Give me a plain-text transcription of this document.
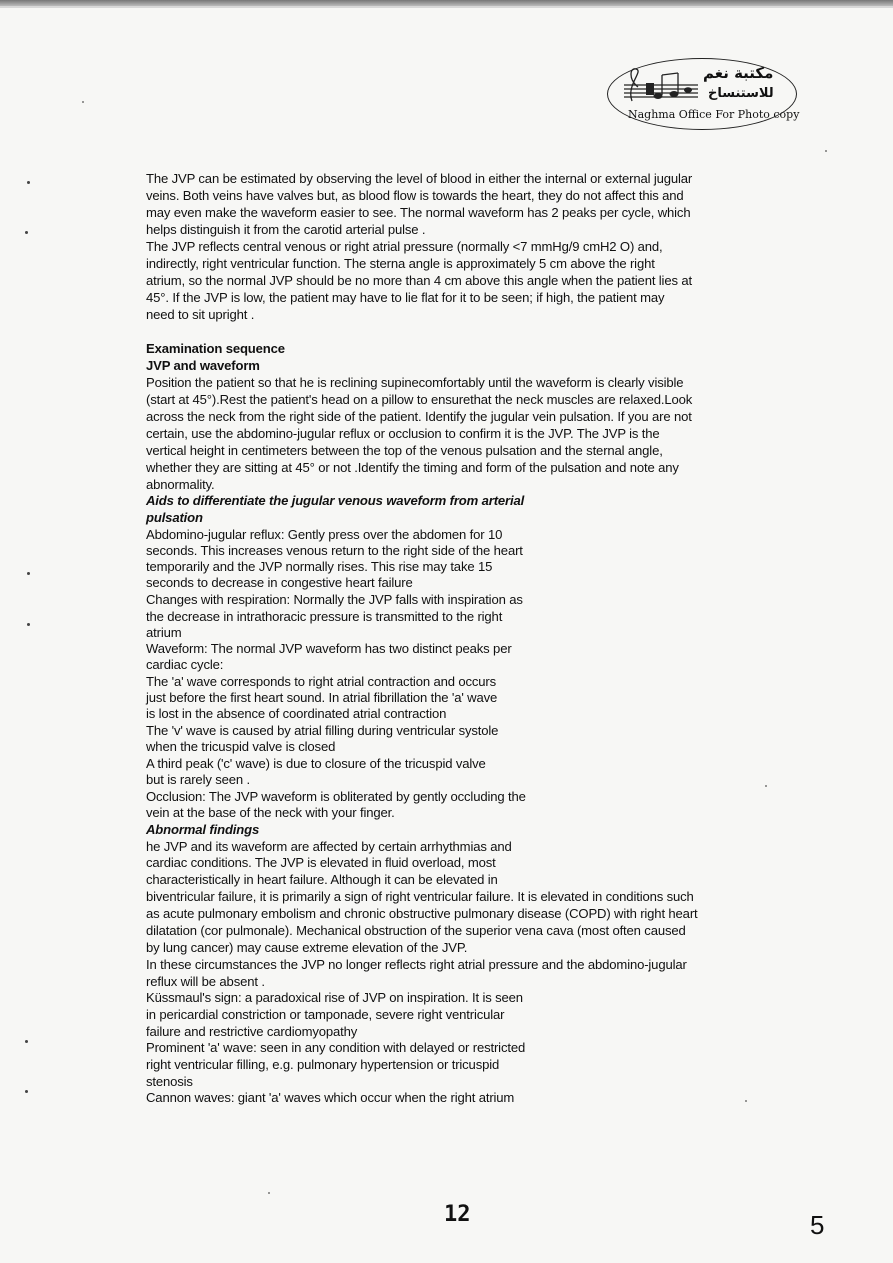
مكتبة نغم
للاستنساخ
Naghma Office For Photo copy
The JVP can be estimated by observing the level of blood in either the internal or external jugular
veins. Both veins have valves but, as blood flow is towards the heart, they do not affect this and
may even make the waveform easier to see. The normal waveform has 2 peaks per cycle, which
helps distinguish it from the carotid arterial pulse .
The JVP reflects central venous or right atrial pressure (normally <7 mmHg/9 cmH2 O) and,
indirectly, right ventricular function. The sterna angle is approximately 5 cm above the right
atrium, so the normal JVP should be no more than 4 cm above this angle when the patient lies at
45°. If the JVP is low, the patient may have to lie flat for it to be seen; if high, the patient may
need to sit upright .
Examination sequence
JVP and waveform
Position the patient so that he is reclining supinecomfortably until the waveform is clearly visible
(start at 45°).Rest the patient's head on a pillow to ensurethat the neck muscles are relaxed.Look
across the neck from the right side of the patient. Identify the jugular vein pulsation. If you are not
certain, use the abdomino-jugular reflux or occlusion to confirm it is the JVP. The JVP is the
vertical height in centimeters between the top of the venous pulsation and the sternal angle,
whether they are sitting at 45° or not .Identify the timing and form of the pulsation and note any
abnormality.
Aids to differentiate the jugular venous waveform from arterial
pulsation
Abdomino-jugular reflux: Gently press over the abdomen for 10
seconds. This increases venous return to the right side of the heart
temporarily and the JVP normally rises. This rise may take 15
seconds to decrease in congestive heart failure
Changes with respiration: Normally the JVP falls with inspiration as
the decrease in intrathoracic pressure is transmitted to the right
atrium
Waveform: The normal JVP waveform has two distinct peaks per
cardiac cycle:
The 'a' wave corresponds to right atrial contraction and occurs
just before the first heart sound. In atrial fibrillation the 'a' wave
is lost in the absence of coordinated atrial contraction
The 'v' wave is caused by atrial filling during ventricular systole
when the tricuspid valve is closed
A third peak ('c' wave) is due to closure of the tricuspid valve
but is rarely seen .
Occlusion: The JVP waveform is obliterated by gently occluding the
vein at the base of the neck with your finger.
Abnormal findings
he JVP and its waveform are affected by certain arrhythmias and
cardiac conditions. The JVP is elevated in fluid overload, most
characteristically in heart failure. Although it can be elevated in
biventricular failure, it is primarily a sign of right ventricular failure. It is elevated in conditions such
as acute pulmonary embolism and chronic obstructive pulmonary disease (COPD) with right heart
dilatation (cor pulmonale). Mechanical obstruction of the superior vena cava (most often caused
by lung cancer) may cause extreme elevation of the JVP.
In these circumstances the JVP no longer reflects right atrial pressure and the abdomino-jugular
reflux will be absent .
Küssmaul's sign: a paradoxical rise of JVP on inspiration. It is seen
in pericardial constriction or tamponade, severe right ventricular
failure and restrictive cardiomyopathy
Prominent 'a' wave: seen in any condition with delayed or restricted
right ventricular filling, e.g. pulmonary hypertension or tricuspid
stenosis
Cannon waves: giant 'a' waves which occur when the right atrium
12	5
